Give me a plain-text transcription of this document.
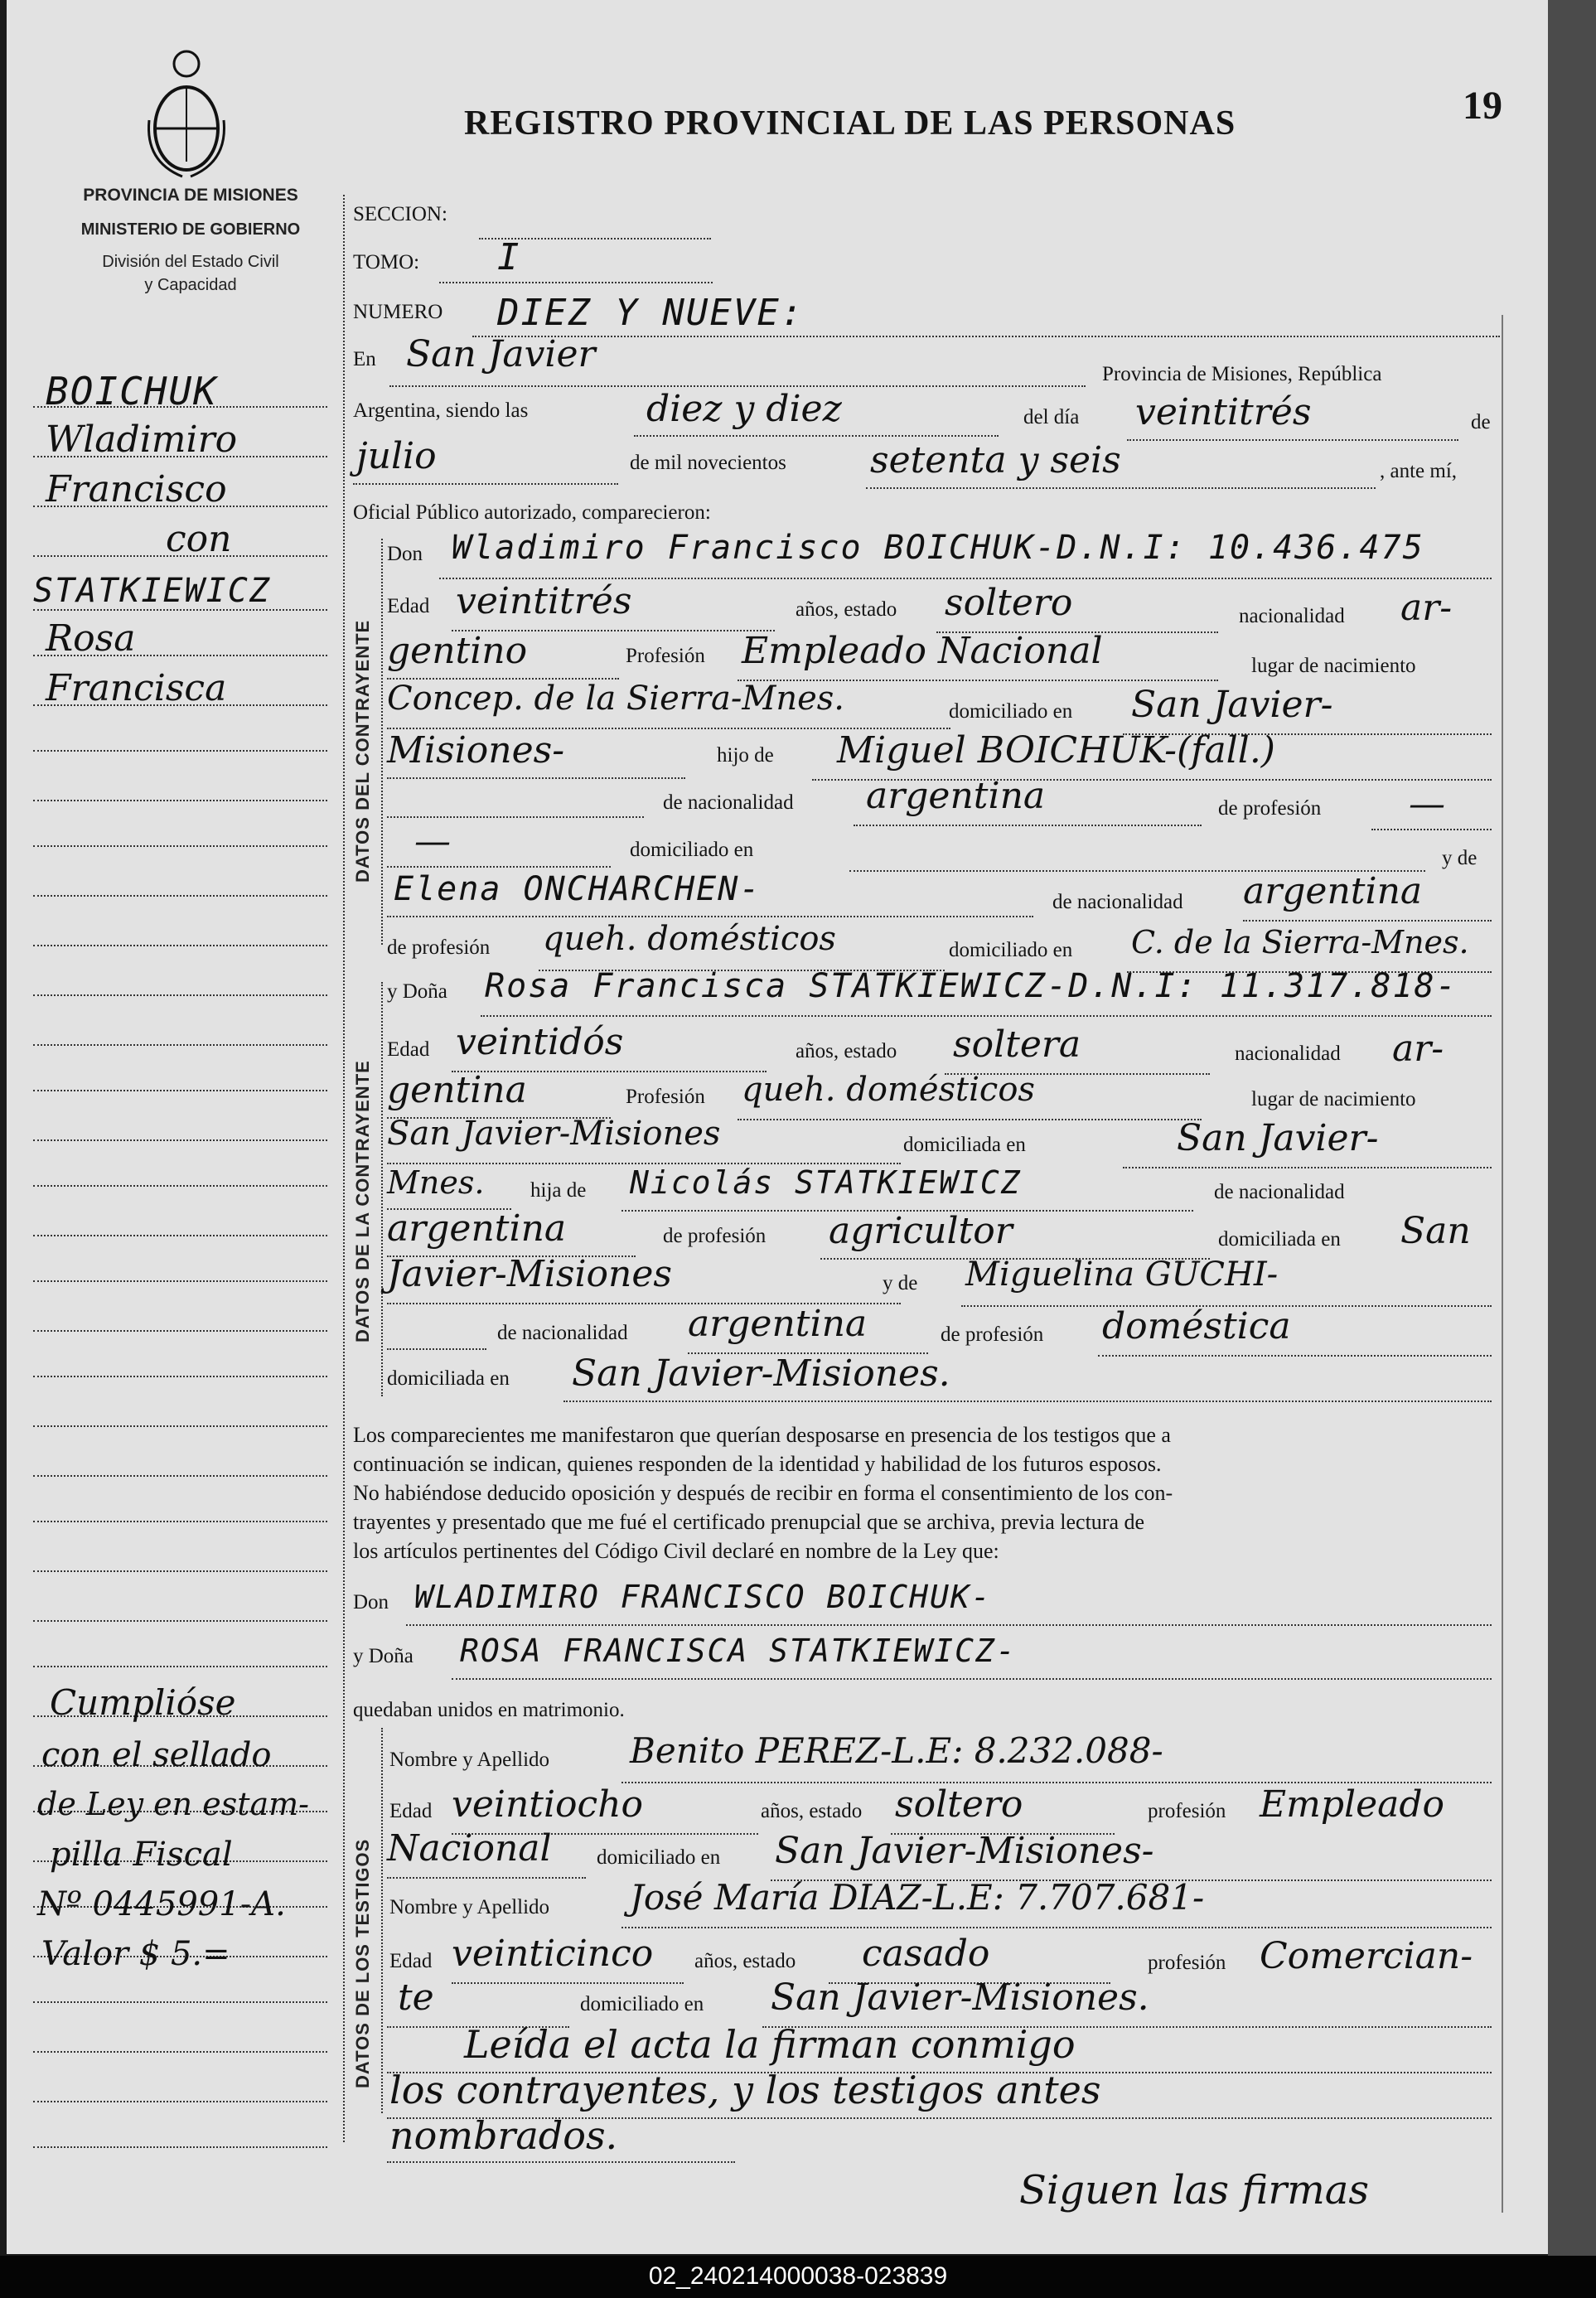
PROVINCIA DE MISIONES
MINISTERIO DE GOBIERNO
División del Estado Civil
y Capacidad
REGISTRO PROVINCIAL DE LAS PERSONAS	19
BOICHUK
Wladimiro
Francisco
con
STATKIEWICZ
Rosa
Francisca
Cumplióse
con el sellado
de Ley en estam-
pilla Fiscal
Nº 0445991-A.
Valor $ 5.=
SECCION:
TOMO: I
NUMERO DIEZ Y NUEVE:
En San Javier	Provincia de Misiones, República
Argentina, siendo las	diez y diez	del día veintitrés	de
julio	de mil novecientos setenta y seis	, ante mí,
Oficial Público autorizado, comparecieron:
DATOS DEL CONTRAYENTE
Don Wladimiro Francisco BOICHUK-D.N.I: 10.436.475
Edad veintitrés	años, estado soltero	nacionalidad ar-
gentino	Profesión Empleado Nacional	lugar de nacimiento
Concep. de la Sierra-Mnes.	domiciliado en San Javier-
Misiones-	hijo de Miguel BOICHUK-(fall.)
de nacionalidad argentina	de profesión —
—	domiciliado en	y de
Elena ONCHARCHEN-	de nacionalidad argentina
de profesión queh. domésticos	domiciliado en C. de la Sierra-Mnes.
DATOS DE LA CONTRAYENTE
y Doña Rosa Francisca STATKIEWICZ-D.N.I: 11.317.818-
Edad veintidós	años, estado soltera	nacionalidad ar-
gentina	Profesión queh. domésticos	lugar de nacimiento
San Javier-Misiones	domiciliada en	San Javier-
Mnes. hija de Nicolás STATKIEWICZ	de nacionalidad
argentina	de profesión agricultor	domiciliada en San
Javier-Misiones	y de Miguelina GUCHI-
de nacionalidad argentina	de profesión doméstica
domiciliada en San Javier-Misiones.
Los comparecientes me manifestaron que querían desposarse en presencia de los testigos que a
continuación se indican, quienes responden de la identidad y habilidad de los futuros esposos.
No habiéndose deducido oposición y después de recibir en forma el consentimiento de los con-
trayentes y presentado que me fué el certificado prenupcial que se archiva, previa lectura de
los artículos pertinentes del Código Civil declaré en nombre de la Ley que:
Don WLADIMIRO FRANCISCO BOICHUK-
y Doña ROSA FRANCISCA STATKIEWICZ-
quedaban unidos en matrimonio.
DATOS DE LOS TESTIGOS
Nombre y Apellido Benito PEREZ-L.E: 8.232.088-
Edad veintiocho	años, estado soltero	profesión Empleado
Nacional domiciliado en San Javier-Misiones-
Nombre y Apellido José María DIAZ-L.E: 7.707.681-
Edad veinticinco años, estado casado	profesión Comercian-
te	domiciliado en San Javier-Misiones.
Leída el acta la firman conmigo
los contrayentes, y los testigos antes
nombrados.
Siguen las firmas
02_240214000038-023839
